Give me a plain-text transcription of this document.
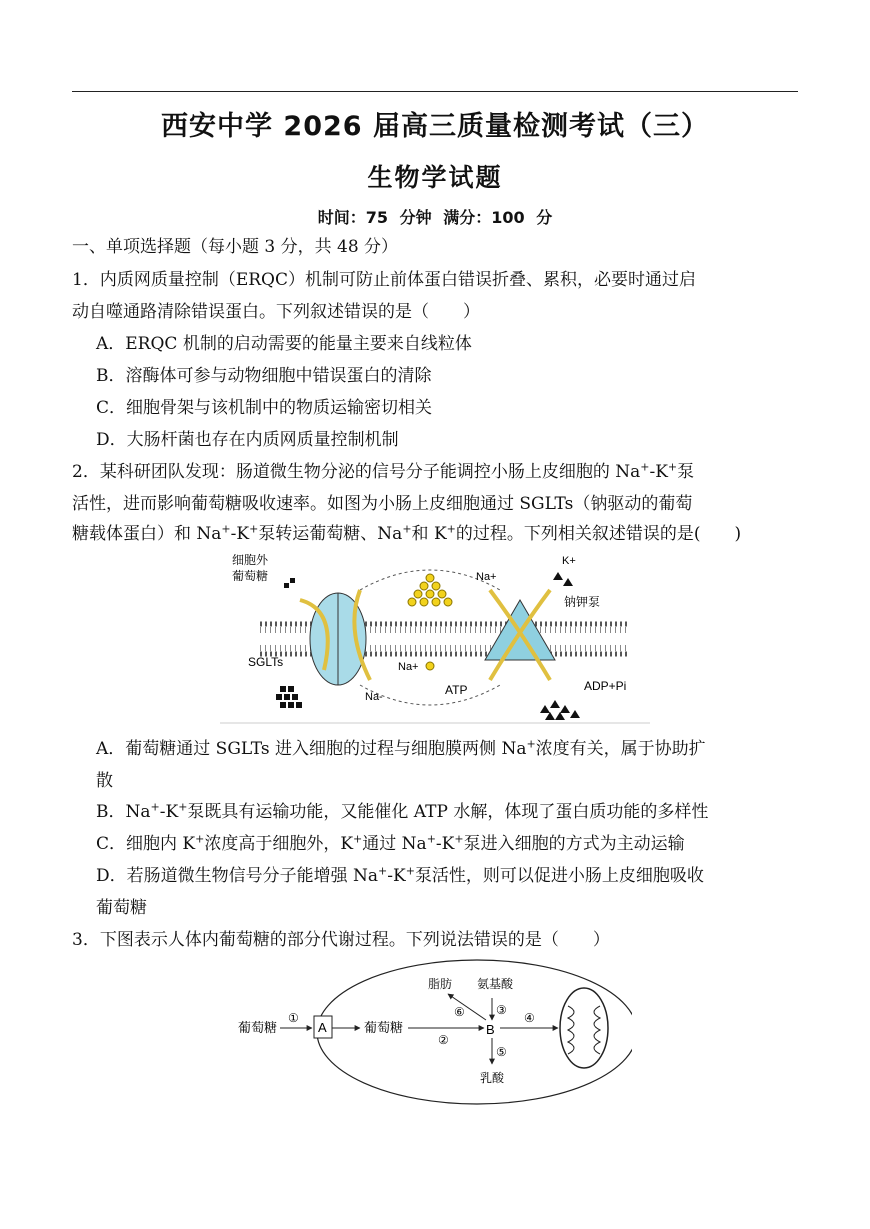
西安中学 2026 届高三质量检测考试（三）
生物学试题
时间：75 分钟 满分：100 分
一、单项选择题（每小题 3 分，共 48 分）
1．内质网质量控制（ERQC）机制可防止前体蛋白错误折叠、累积，必要时通过启
动自噬通路清除错误蛋白。下列叙述错误的是（　　）
A．ERQC 机制的启动需要的能量主要来自线粒体
B．溶酶体可参与动物细胞中错误蛋白的清除
C．细胞骨架与该机制中的物质运输密切相关
D．大肠杆菌也存在内质网质量控制机制
2．某科研团队发现：肠道微生物分泌的信号分子能调控小肠上皮细胞的 Na+-K+泵
活性，进而影响葡萄糖吸收速率。如图为小肠上皮细胞通过 SGLTs（钠驱动的葡萄
糖载体蛋白）和 Na+-K+泵转运葡萄糖、Na+和 K+的过程。下列相关叙述错误的是(　　)
细胞外
葡萄糖
SGLTs
Na+
K+
钠钾泵
Na+
Na-	ATP	ADP+Pi
A．葡萄糖通过 SGLTs 进入细胞的过程与细胞膜两侧 Na+浓度有关，属于协助扩
散
B．Na+-K+泵既具有运输功能，又能催化 ATP 水解，体现了蛋白质功能的多样性
C．细胞内 K+浓度高于细胞外，K+通过 Na+-K+泵进入细胞的方式为主动运输
D．若肠道微生物信号分子能增强 Na+-K+泵活性，则可以促进小肠上皮细胞吸收
葡萄糖
3．下图表示人体内葡萄糖的部分代谢过程。下列说法错误的是（　　）
A
葡萄糖
①
葡萄糖
②
B
③
氨基酸
⑥
脂肪
⑤
乳酸
④
